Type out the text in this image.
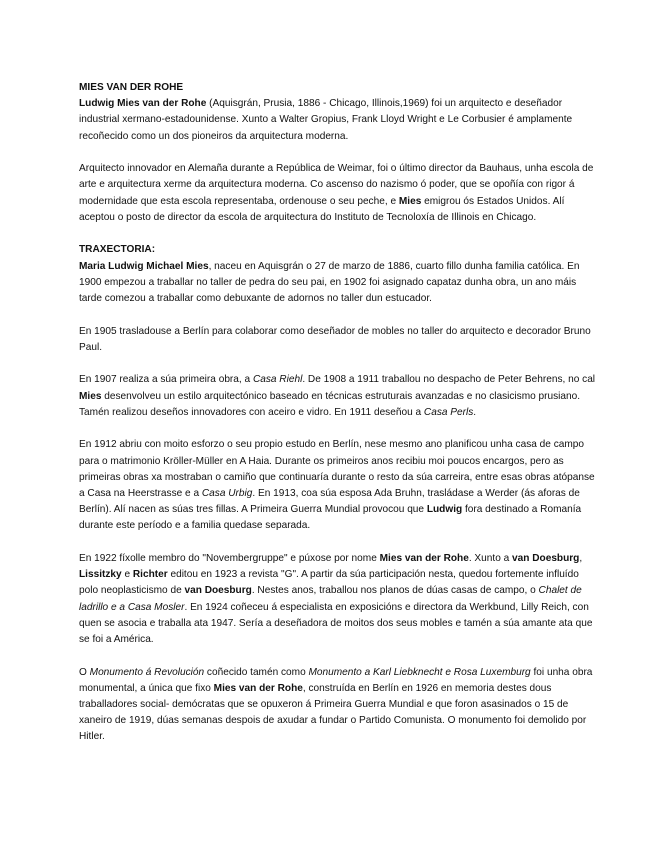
MIES VAN DER ROHE

Ludwig Mies van der Rohe (Aquisgrán, Prusia, 1886 - Chicago, Illinois,1969) foi un arquitecto e deseñador industrial xermano-estadounidense. Xunto a Walter Gropius, Frank Lloyd Wright e Le Corbusier é amplamente recoñecido como un dos pioneiros da arquitectura moderna.

Arquitecto innovador en Alemaña durante a República de Weimar, foi o último director da Bauhaus, unha escola de arte e arquitectura xerme da arquitectura moderna. Co ascenso do nazismo ó poder, que se opoñía con rigor á modernidade que esta escola representaba, ordenouse o seu peche, e Mies emigrou ós Estados Unidos. Alí aceptou o posto de director da escola de arquitectura do Instituto de Tecnoloxía de Illinois en Chicago.

TRAXECTORIA:

Maria Ludwig Michael Mies, naceu en Aquisgrán o 27 de marzo de 1886, cuarto fillo dunha familia católica. En 1900 empezou a traballar no taller de pedra do seu pai, en 1902 foi asignado capataz dunha obra, un ano máis tarde comezou a traballar como debuxante de adornos no taller dun estucador.

En 1905 trasladouse a Berlín para colaborar como deseñador de mobles no taller do arquitecto e decorador Bruno Paul.

En 1907 realiza a súa primeira obra, a Casa Riehl. De 1908 a 1911 traballou no despacho de Peter Behrens, no cal Mies desenvolveu un estilo arquitectónico baseado en técnicas estruturais avanzadas e no clasicismo prusiano. Tamén realizou deseños innovadores con aceiro e vidro. En 1911 deseñou a Casa Perls.

En 1912 abriu con moito esforzo o seu propio estudo en Berlín, nese mesmo ano planificou unha casa de campo para o matrimonio Kröller-Müller en A Haia. Durante os primeiros anos recibiu moi poucos encargos, pero as primeiras obras xa mostraban o camiño que continuaría durante o resto da súa carreira, entre esas obras atópanse a Casa na Heerstrasse e a Casa Urbig. En 1913, coa súa esposa Ada Bruhn, trasládase a Werder (ás aforas de Berlín). Alí nacen as súas tres fillas. A Primeira Guerra Mundial provocou que Ludwig fora destinado a Romanía durante este período e a familia quedase separada.

En 1922 fíxolle membro do "Novembergruppe" e púxose por nome Mies van der Rohe. Xunto a van Doesburg, Lissitzky e Richter editou en 1923 a revista "G". A partir da súa participación nesta, quedou fortemente influído polo neoplasticismo de van Doesburg. Nestes anos, traballou nos planos de dúas casas de campo, o Chalet de ladrillo e a Casa Mosler. En 1924 coñeceu á especialista en exposicións e directora da Werkbund, Lilly Reich, con quen se asocia e traballa ata 1947. Sería a deseñadora de moitos dos seus mobles e tamén a súa amante ata que se foi a América.

O Monumento á Revolución coñecido tamén como Monumento a Karl Liebknecht e Rosa Luxemburg foi unha obra monumental, a única que fixo Mies van der Rohe, construída en Berlín en 1926 en memoria destes dous traballadores social- demócratas que se opuxeron á Primeira Guerra Mundial e que foron asasinados o 15 de xaneiro de 1919, dúas semanas despois de axudar a fundar o Partido Comunista. O monumento foi demolido por Hitler.
